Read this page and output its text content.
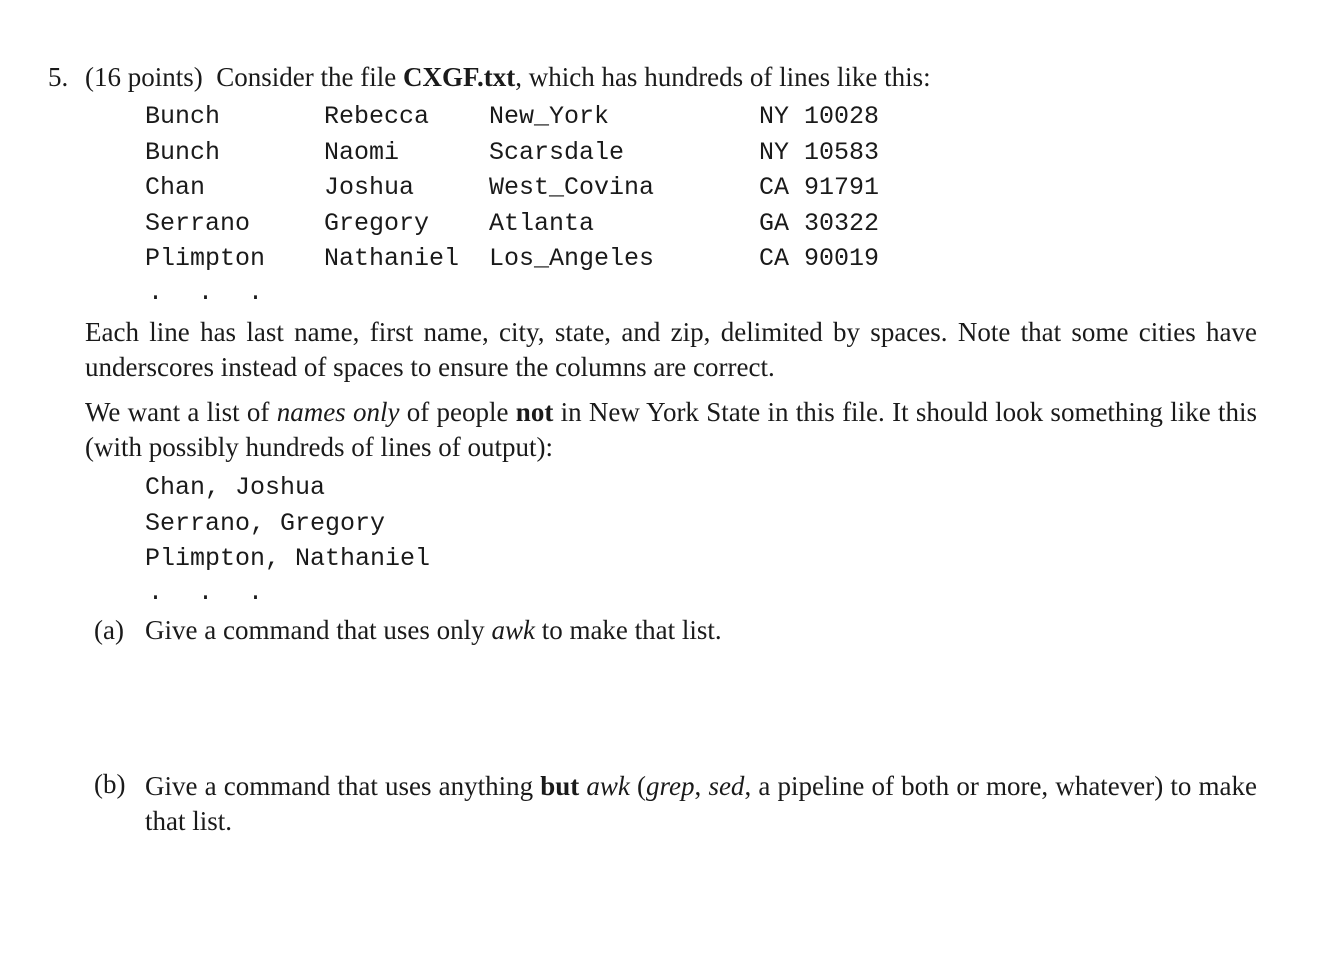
5. (16 points) Consider the file CXGF.txt, which has hundreds of lines like this:
Bunch	Rebecca New_York	NY 10028
Bunch	Naomi	Scarsdale	NY 10583
Chan	Joshua	West_Covina	CA 91791
Serrano	Gregory Atlanta	GA 30322
Plimpton Nathaniel Los_Angeles	CA 90019
. . .
Each line has last name, first name, city, state, and zip, delimited by spaces. Note that some cities have underscores instead of spaces to ensure the columns are correct.
We want a list of names only of people not in New York State in this file. It should look something like this (with possibly hundreds of lines of output):
Chan, Joshua
Serrano, Gregory
Plimpton, Nathaniel
. . .
(a) Give a command that uses only awk to make that list.
(b) Give a command that uses anything but awk (grep, sed, a pipeline of both or more, whatever) to make that list.
